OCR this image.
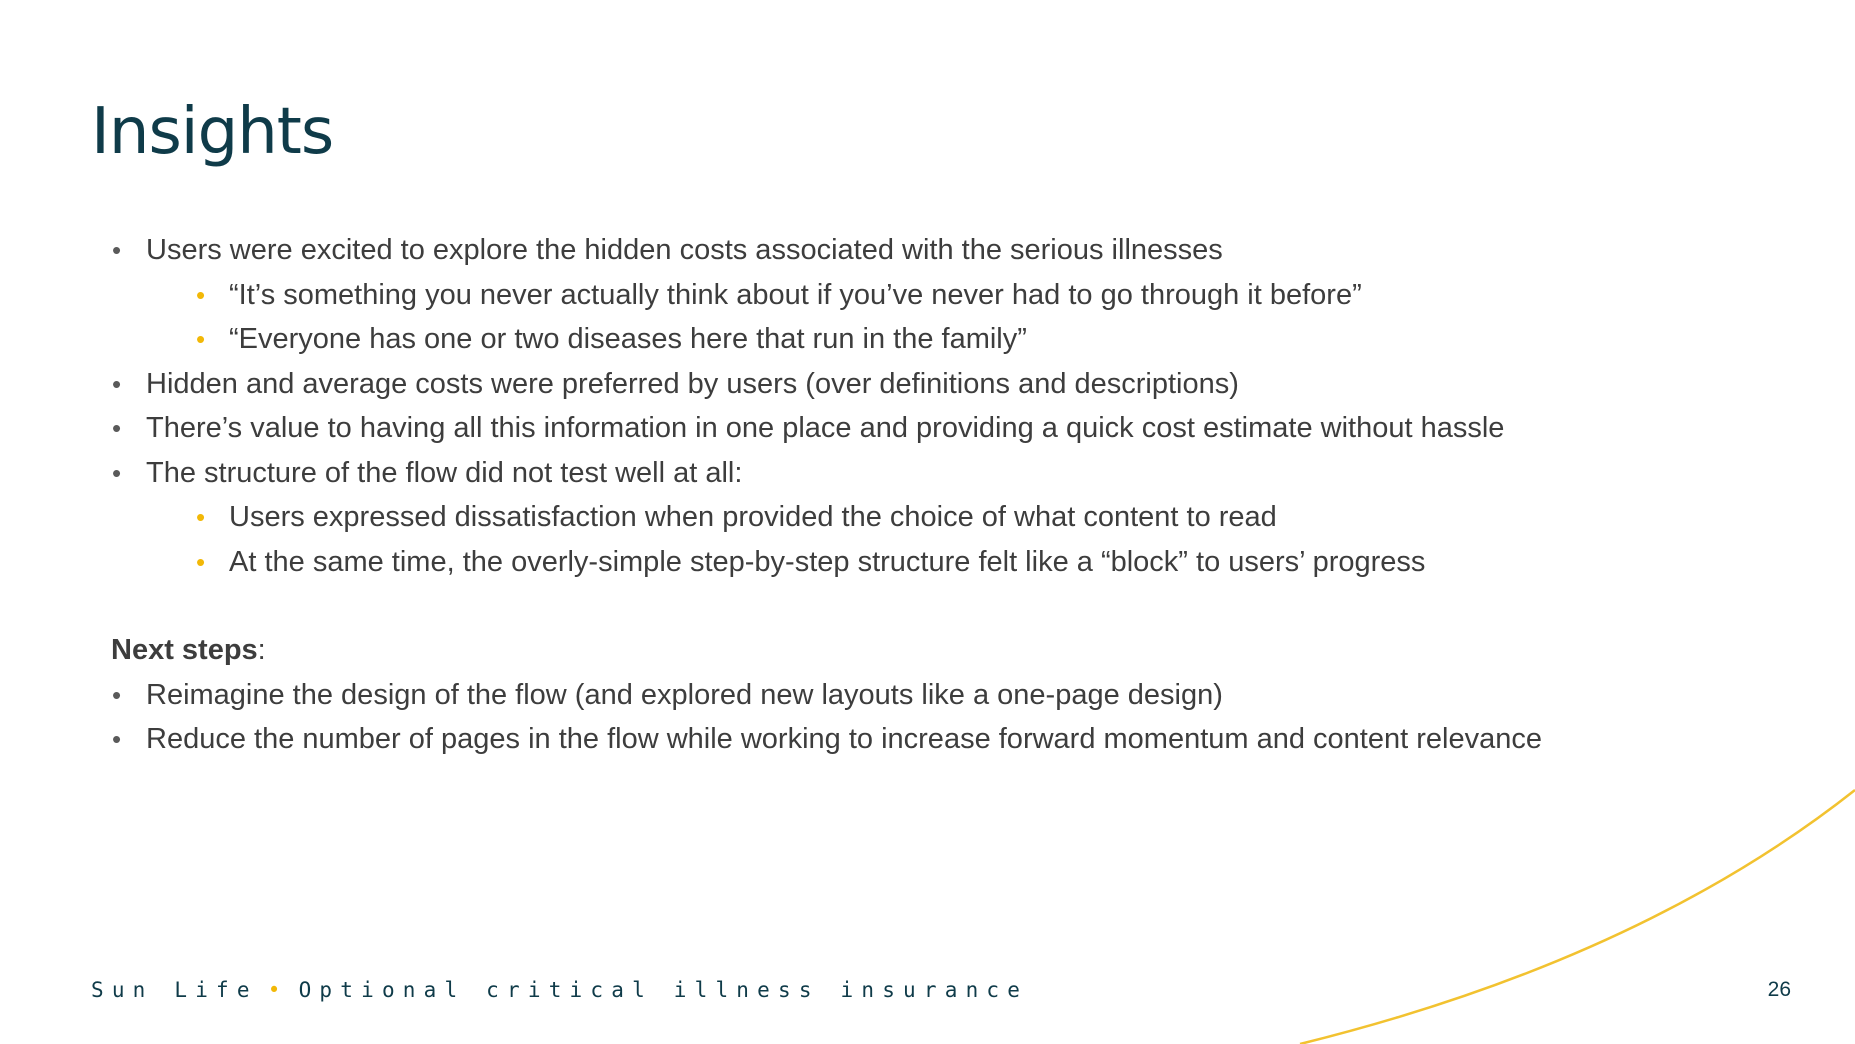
Insights
• Users were excited to explore the hidden costs associated with the serious illnesses
• “It’s something you never actually think about if you’ve never had to go through it before”
• “Everyone has one or two diseases here that run in the family”
• Hidden and average costs were preferred by users (over definitions and descriptions)
• There’s value to having all this information in one place and providing a quick cost estimate without hassle
• The structure of the flow did not test well at all:
• Users expressed dissatisfaction when provided the choice of what content to read
• At the same time, the overly-simple step-by-step structure felt like a “block” to users’ progress
Next steps:
• Reimagine the design of the flow (and explored new layouts like a one-page design)
• Reduce the number of pages in the flow while working to increase forward momentum and content relevance
Sun Life • Optional critical illness insurance	26
